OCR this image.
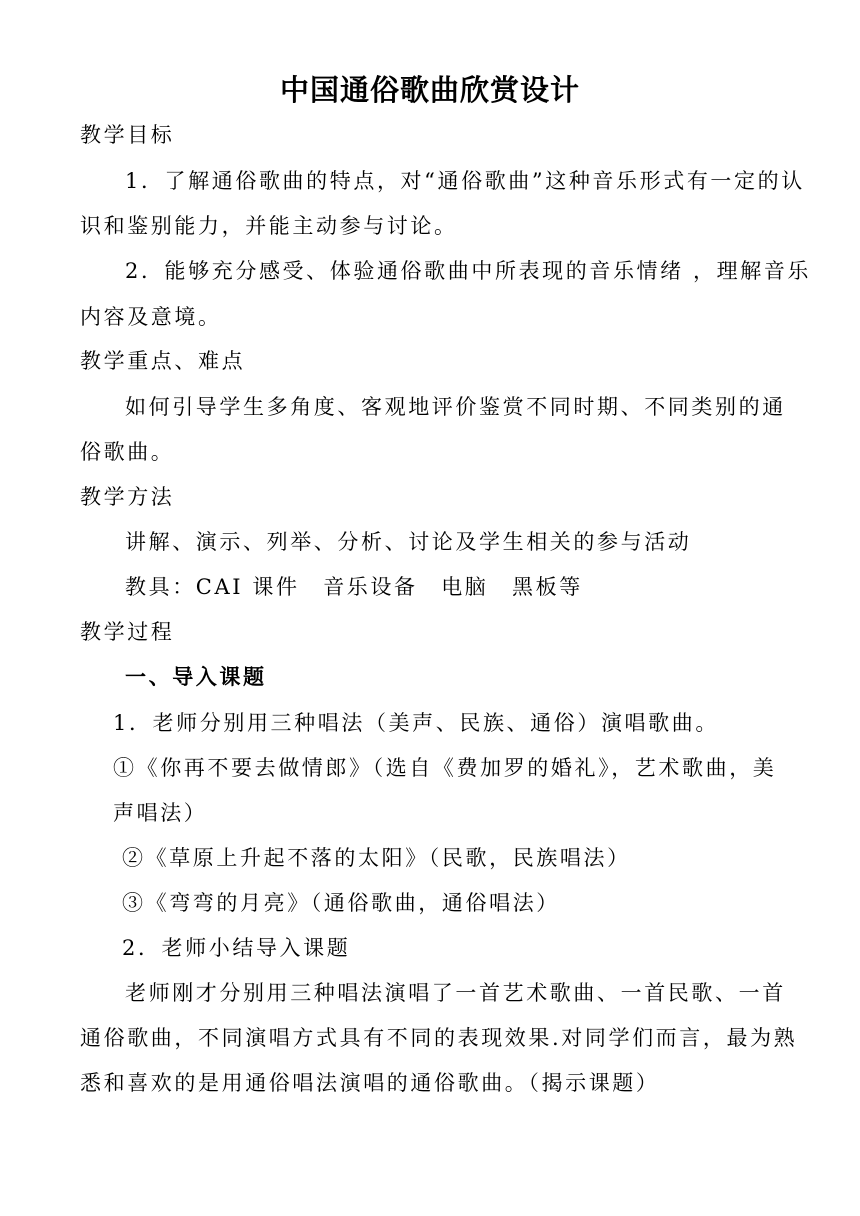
中国通俗歌曲欣赏设计
教学目标
1．了解通俗歌曲的特点，对“通俗歌曲”这种音乐形式有一定的认
识和鉴别能力，并能主动参与讨论。
2．能够充分感受、体验通俗歌曲中所表现的音乐情绪 ，理解音乐
内容及意境。
教学重点、难点
如何引导学生多角度、客观地评价鉴赏不同时期、不同类别的通
俗歌曲。
教学方法
讲解、演示、列举、分析、讨论及学生相关的参与活动
教具：CAI 课件　音乐设备　电脑　黑板等
教学过程
一、导入课题
1．老师分别用三种唱法（美声、民族、通俗）演唱歌曲。
①《你再不要去做情郎》（选自《费加罗的婚礼》，艺术歌曲，美
声唱法）
②《草原上升起不落的太阳》（民歌，民族唱法）
③《弯弯的月亮》（通俗歌曲，通俗唱法）
2．老师小结导入课题
老师刚才分别用三种唱法演唱了一首艺术歌曲、一首民歌、一首
通俗歌曲，不同演唱方式具有不同的表现效果.对同学们而言，最为熟
悉和喜欢的是用通俗唱法演唱的通俗歌曲。（揭示课题）
